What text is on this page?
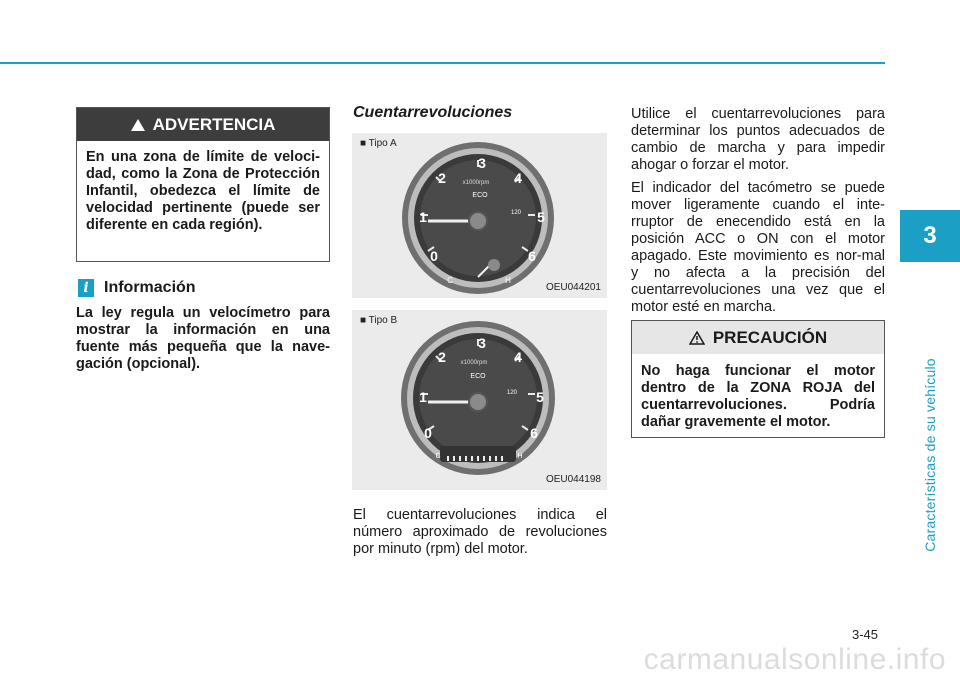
3
Características de su vehículo
ADVERTENCIA
En una zona de límite de veloci-dad, como la Zona de Protección Infantil, obedezca el límite de velocidad pertinente (puede ser diferente en cada región).
i Información
La ley regula un velocímetro para mostrar la información en una fuente más pequeña que la nave-gación (opcional).
Cuentarrevoluciones
■ Tipo A
0
1
2
3
4
5
6
x1000rpm
ECO
120
C	H
OEU044201
■ Tipo B
0
1
2
3
4
5
6
x1000rpm
ECO
120
C	H
OEU044198
El cuentarrevoluciones indica el número aproximado de revoluciones por minuto (rpm) del motor.

Utilice el cuentarrevoluciones para determinar los puntos adecuados de cambio de marcha y para impedir ahogar o forzar el motor.

El indicador del tacómetro se puede mover ligeramente cuando el inte-rruptor de enecendido está en la posición ACC o ON con el motor apagado. Este movimiento es nor-mal y no afecta a la precisión del cuentarrevoluciones una vez que el motor esté en marcha.

PRECAUCIÓN
No haga funcionar el motor dentro de la ZONA ROJA del cuentarrevoluciones. Podría dañar gravemente el motor.
3-45
carmanualsonline.info
